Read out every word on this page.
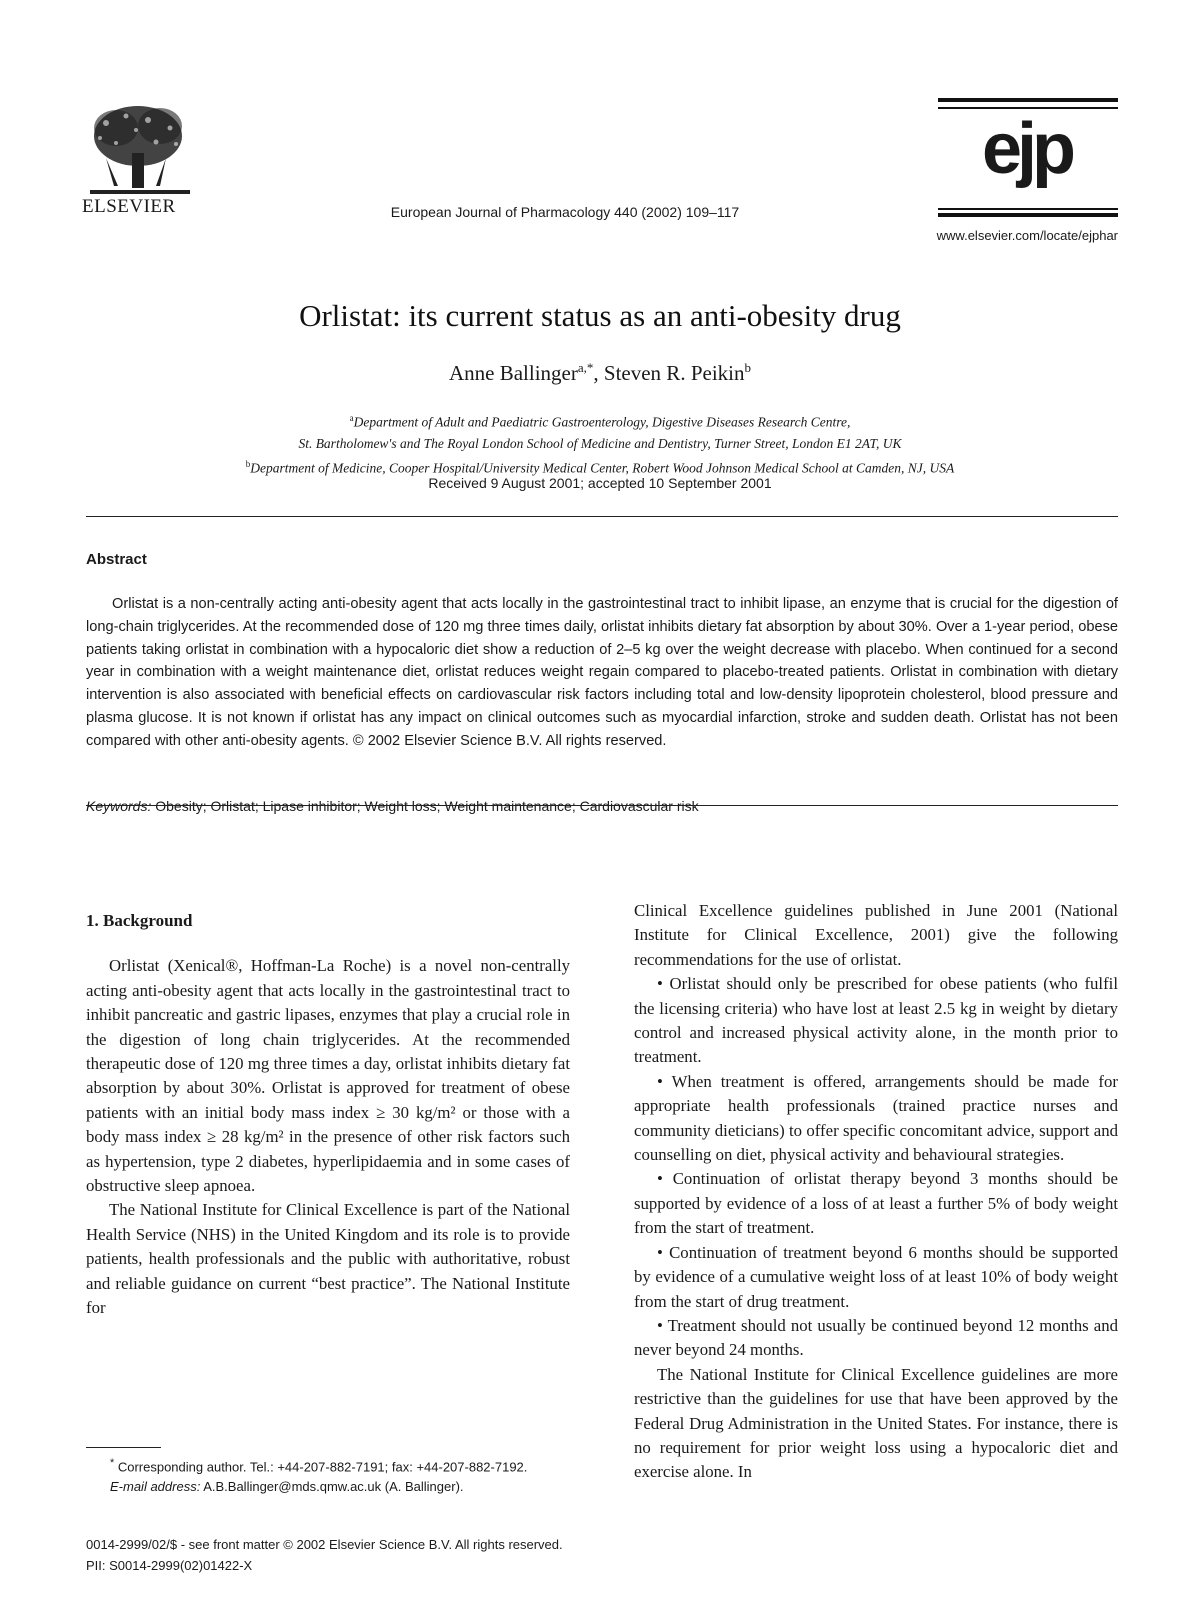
ELSEVIER	European Journal of Pharmacology 440 (2002) 109–117
ejp
www.elsevier.com/locate/ejphar
Orlistat: its current status as an anti-obesity drug
Anne Ballinger$^{a,*}$, Steven R. Peikin$^b$
$^a$Department of Adult and Paediatric Gastroenterology, Digestive Diseases Research Centre,
St. Bartholomew's and The Royal London School of Medicine and Dentistry, Turner Street, London E1 2AT, UK
$^b$Department of Medicine, Cooper Hospital/University Medical Center, Robert Wood Johnson Medical School at Camden, NJ, USA
Received 9 August 2001; accepted 10 September 2001
Abstract
Orlistat is a non-centrally acting anti-obesity agent that acts locally in the gastrointestinal tract to inhibit lipase, an enzyme that is crucial for the digestion of long-chain triglycerides. At the recommended dose of 120 mg three times daily, orlistat inhibits dietary fat absorption by about 30%. Over a 1-year period, obese patients taking orlistat in combination with a hypocaloric diet show a reduction of 2–5 kg over the weight decrease with placebo. When continued for a second year in combination with a weight maintenance diet, orlistat reduces weight regain compared to placebo-treated patients. Orlistat in combination with dietary intervention is also associated with beneficial effects on cardiovascular risk factors including total and low-density lipoprotein cholesterol, blood pressure and plasma glucose. It is not known if orlistat has any impact on clinical outcomes such as myocardial infarction, stroke and sudden death. Orlistat has not been compared with other anti-obesity agents. © 2002 Elsevier Science B.V. All rights reserved.
Keywords: Obesity; Orlistat; Lipase inhibitor; Weight loss; Weight maintenance; Cardiovascular risk
1. Background

Orlistat (Xenical®, Hoffman-La Roche) is a novel non-centrally acting anti-obesity agent that acts locally in the gastrointestinal tract to inhibit pancreatic and gastric lipases, enzymes that play a crucial role in the digestion of long chain triglycerides. At the recommended therapeutic dose of 120 mg three times a day, orlistat inhibits dietary fat absorption by about 30%. Orlistat is approved for treatment of obese patients with an initial body mass index ≥ 30 kg/m² or those with a body mass index ≥ 28 kg/m² in the presence of other risk factors such as hypertension, type 2 diabetes, hyperlipidaemia and in some cases of obstructive sleep apnoea.

The National Institute for Clinical Excellence is part of the National Health Service (NHS) in the United Kingdom and its role is to provide patients, health professionals and the public with authoritative, robust and reliable guidance on current “best practice”. The National Institute for

Clinical Excellence guidelines published in June 2001 (National Institute for Clinical Excellence, 2001) give the following recommendations for the use of orlistat.

• Orlistat should only be prescribed for obese patients (who fulfil the licensing criteria) who have lost at least 2.5 kg in weight by dietary control and increased physical activity alone, in the month prior to treatment.

• When treatment is offered, arrangements should be made for appropriate health professionals (trained practice nurses and community dieticians) to offer specific concomitant advice, support and counselling on diet, physical activity and behavioural strategies.

• Continuation of orlistat therapy beyond 3 months should be supported by evidence of a loss of at least a further 5% of body weight from the start of treatment.

• Continuation of treatment beyond 6 months should be supported by evidence of a cumulative weight loss of at least 10% of body weight from the start of drug treatment.

• Treatment should not usually be continued beyond 12 months and never beyond 24 months.

The National Institute for Clinical Excellence guidelines are more restrictive than the guidelines for use that have been approved by the Federal Drug Administration in the United States. For instance, there is no requirement for prior weight loss using a hypocaloric diet and exercise alone. In

* Corresponding author. Tel.: +44-207-882-7191; fax: +44-207-882-7192.

E-mail address: A.B.Ballinger@mds.qmw.ac.uk (A. Ballinger).

0014-2999/02/$ - see front matter © 2002 Elsevier Science B.V. All rights reserved.
PII: S0014-2999(02)01422-X
